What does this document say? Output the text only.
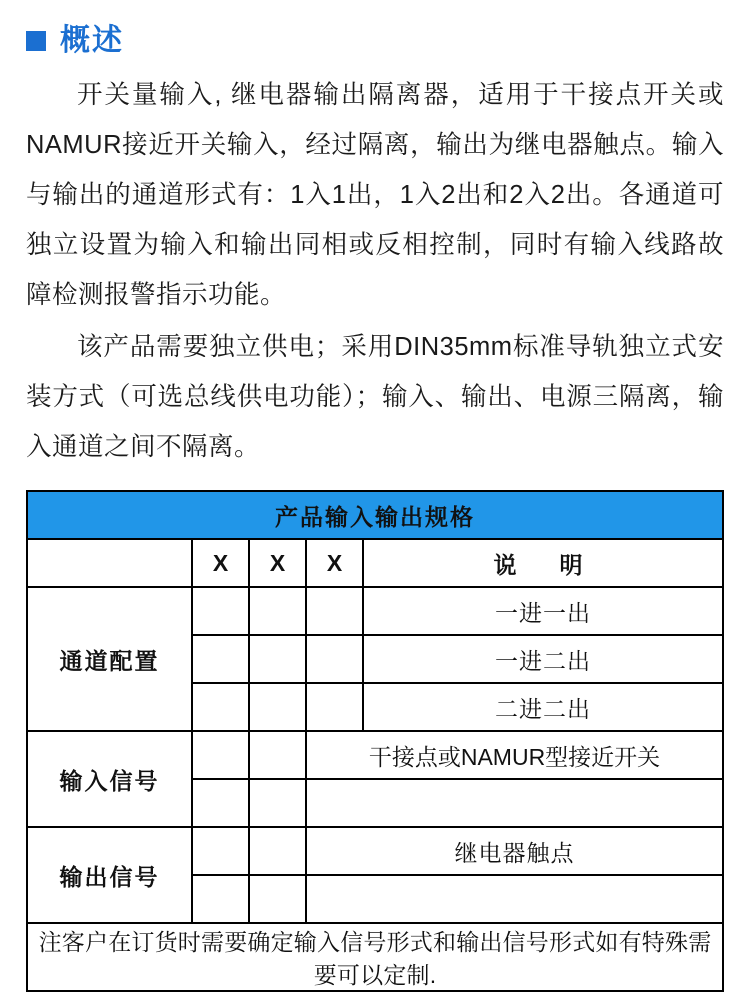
概述

开关量输入, 继电器输出隔离器，适用于干接点开关或NAMUR接近开关输入，经过隔离，输出为继电器触点。输入与输出的通道形式有：1入1出，1入2出和2入2出。各通道可独立设置为输入和输出同相或反相控制，同时有输入线路故障检测报警指示功能。

该产品需要独立供电；采用DIN35mm标准导轨独立式安装方式（可选总线供电功能）；输入、输出、电源三隔离，输入通道之间不隔离。

产品输入输出规格				
	X	X	X	说　明
通道配置				一进一出
				一进二出
				二进二出
输入信号			干接点或NAMUR型接近开关	

输出信号			继电器触点	

注客户在订货时需要确定输入信号形式和输出信号形式如有特殊需要可以定制.				
